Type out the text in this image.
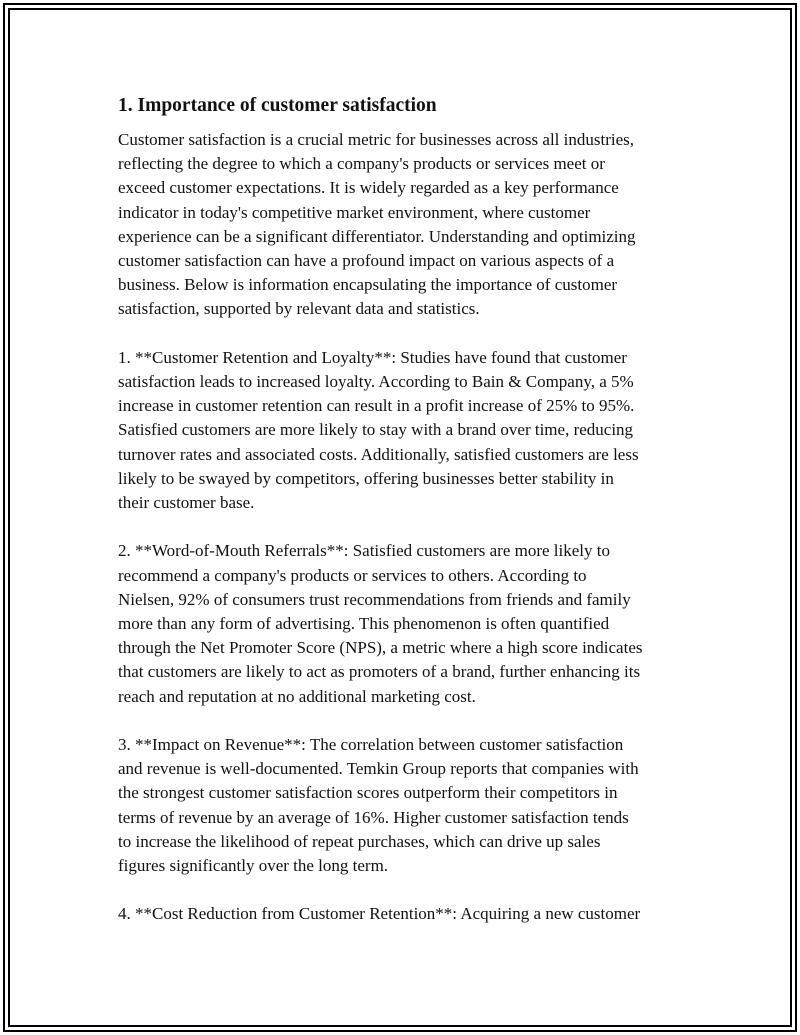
1. Importance of customer satisfaction

Customer satisfaction is a crucial metric for businesses across all industries,
reflecting the degree to which a company's products or services meet or
exceed customer expectations. It is widely regarded as a key performance
indicator in today's competitive market environment, where customer
experience can be a significant differentiator. Understanding and optimizing
customer satisfaction can have a profound impact on various aspects of a
business. Below is information encapsulating the importance of customer
satisfaction, supported by relevant data and statistics.

1. **Customer Retention and Loyalty**: Studies have found that customer
satisfaction leads to increased loyalty. According to Bain & Company, a 5%
increase in customer retention can result in a profit increase of 25% to 95%.
Satisfied customers are more likely to stay with a brand over time, reducing
turnover rates and associated costs. Additionally, satisfied customers are less
likely to be swayed by competitors, offering businesses better stability in
their customer base.

2. **Word-of-Mouth Referrals**: Satisfied customers are more likely to
recommend a company's products or services to others. According to
Nielsen, 92% of consumers trust recommendations from friends and family
more than any form of advertising. This phenomenon is often quantified
through the Net Promoter Score (NPS), a metric where a high score indicates
that customers are likely to act as promoters of a brand, further enhancing its
reach and reputation at no additional marketing cost.

3. **Impact on Revenue**: The correlation between customer satisfaction
and revenue is well-documented. Temkin Group reports that companies with
the strongest customer satisfaction scores outperform their competitors in
terms of revenue by an average of 16%. Higher customer satisfaction tends
to increase the likelihood of repeat purchases, which can drive up sales
figures significantly over the long term.

4. **Cost Reduction from Customer Retention**: Acquiring a new customer
